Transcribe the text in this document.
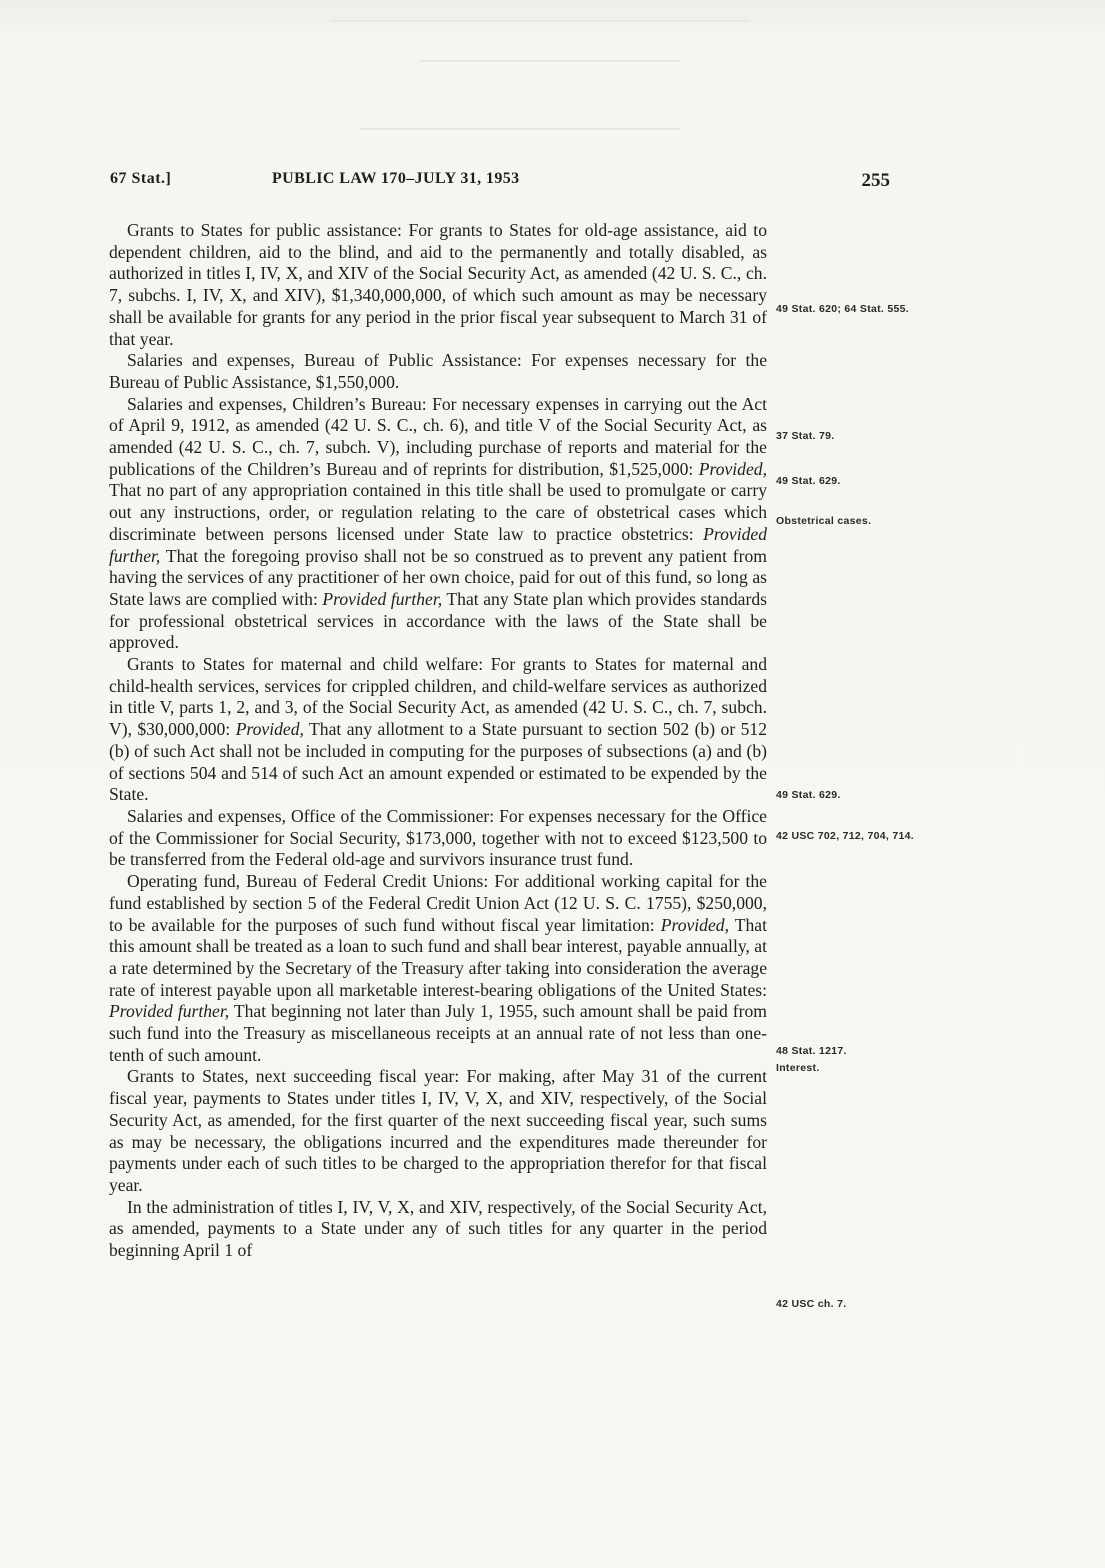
67 Stat.]	PUBLIC LAW 170–JULY 31, 1953	255

Grants to States for public assistance: For grants to States for old-age assistance, aid to dependent children, aid to the blind, and aid to the permanently and totally disabled, as authorized in titles I, IV, X, and XIV of the Social Security Act, as amended (42 U. S. C., ch. 7, subchs. I, IV, X, and XIV), $1,340,000,000, of which such amount as may be necessary shall be available for grants for any period in the prior fiscal year subsequent to March 31 of that year.

Salaries and expenses, Bureau of Public Assistance: For expenses necessary for the Bureau of Public Assistance, $1,550,000.

Salaries and expenses, Children’s Bureau: For necessary expenses in carrying out the Act of April 9, 1912, as amended (42 U. S. C., ch. 6), and title V of the Social Security Act, as amended (42 U. S. C., ch. 7, subch. V), including purchase of reports and material for the publications of the Children’s Bureau and of reprints for distribution, $1,525,000: Provided, That no part of any appropriation contained in this title shall be used to promulgate or carry out any instructions, order, or regulation relating to the care of obstetrical cases which discriminate between persons licensed under State law to practice obstetrics: Provided further, That the foregoing proviso shall not be so construed as to prevent any patient from having the services of any practitioner of her own choice, paid for out of this fund, so long as State laws are complied with: Provided further, That any State plan which provides standards for professional obstetrical services in accordance with the laws of the State shall be approved.

Grants to States for maternal and child welfare: For grants to States for maternal and child-health services, services for crippled children, and child-welfare services as authorized in title V, parts 1, 2, and 3, of the Social Security Act, as amended (42 U. S. C., ch. 7, subch. V), $30,000,000: Provided, That any allotment to a State pursuant to section 502 (b) or 512 (b) of such Act shall not be included in computing for the purposes of subsections (a) and (b) of sections 504 and 514 of such Act an amount expended or estimated to be expended by the State.

Salaries and expenses, Office of the Commissioner: For expenses necessary for the Office of the Commissioner for Social Security, $173,000, together with not to exceed $123,500 to be transferred from the Federal old-age and survivors insurance trust fund.

Operating fund, Bureau of Federal Credit Unions: For additional working capital for the fund established by section 5 of the Federal Credit Union Act (12 U. S. C. 1755), $250,000, to be available for the purposes of such fund without fiscal year limitation: Provided, That this amount shall be treated as a loan to such fund and shall bear interest, payable annually, at a rate determined by the Secretary of the Treasury after taking into consideration the average rate of interest payable upon all marketable interest-bearing obligations of the United States: Provided further, That beginning not later than July 1, 1955, such amount shall be paid from such fund into the Treasury as miscellaneous receipts at an annual rate of not less than one-tenth of such amount.

Grants to States, next succeeding fiscal year: For making, after May 31 of the current fiscal year, payments to States under titles I, IV, V, X, and XIV, respectively, of the Social Security Act, as amended, for the first quarter of the next succeeding fiscal year, such sums as may be necessary, the obligations incurred and the expenditures made thereunder for payments under each of such titles to be charged to the appropriation therefor for that fiscal year.

In the administration of titles I, IV, V, X, and XIV, respectively, of the Social Security Act, as amended, payments to a State under any of such titles for any quarter in the period beginning April 1 of

49 Stat. 620; 64 Stat. 555.
37 Stat. 79.
49 Stat. 629.
Obstetrical cases.
49 Stat. 629.
42 USC 702, 712, 704, 714.
48 Stat. 1217.
Interest.
42 USC ch. 7.
